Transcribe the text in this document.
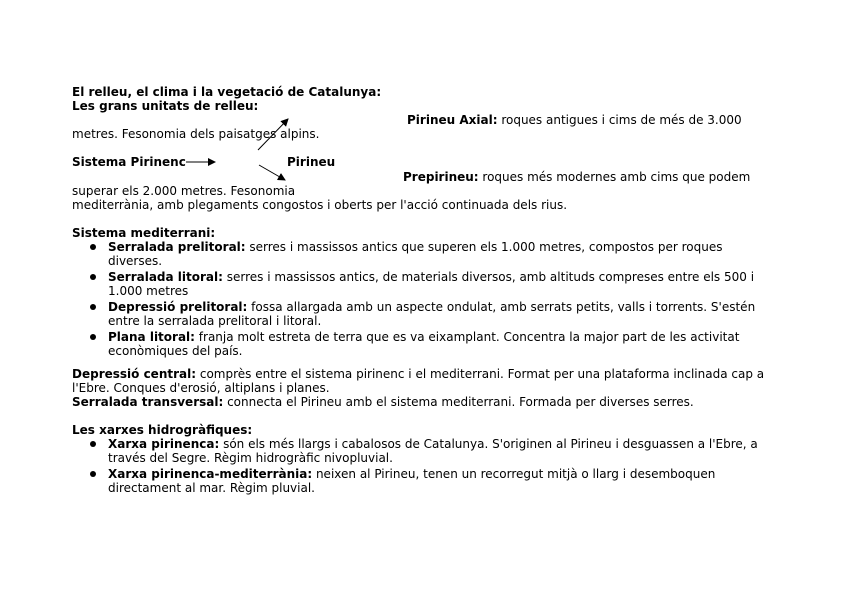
El relleu, el clima i la vegetació de Catalunya:
Les grans unitats de relleu:
Pirineu Axial: roques antigues i cims de més de 3.000
metres. Fesonomia dels paisatges alpins.
Sistema Pirinenc	Pirineu
Prepirineu: roques més modernes amb cims que podem
superar els 2.000 metres. Fesonomia
mediterrània, amb plegaments congostos i oberts per l'acció continuada dels rius.
Sistema mediterrani:
Serralada prelitoral: serres i massissos antics que superen els 1.000 metres, compostos per roques diverses.
Serralada litoral: serres i massissos antics, de materials diversos, amb altituds compreses entre els 500 i 1.000 metres
Depressió prelitoral: fossa allargada amb un aspecte ondulat, amb serrats petits, valls i torrents. S'estén entre la serralada prelitoral i litoral.
Plana litoral: franja molt estreta de terra que es va eixamplant. Concentra la major part de les activitat econòmiques del país.
Depressió central: comprès entre el sistema pirinenc i el mediterrani. Format per una plataforma inclinada cap a l'Ebre. Conques d'erosió, altiplans i planes.
Serralada transversal: connecta el Pirineu amb el sistema mediterrani. Formada per diverses serres.
Les xarxes hidrogràfiques:
Xarxa pirinenca: són els més llargs i cabalosos de Catalunya. S'originen al Pirineu i desguassen a l'Ebre, a través del Segre. Règim hidrogràfic nivopluvial.
Xarxa pirinenca-mediterrània: neixen al Pirineu, tenen un recorregut mitjà o llarg i desemboquen directament al mar. Règim pluvial.
